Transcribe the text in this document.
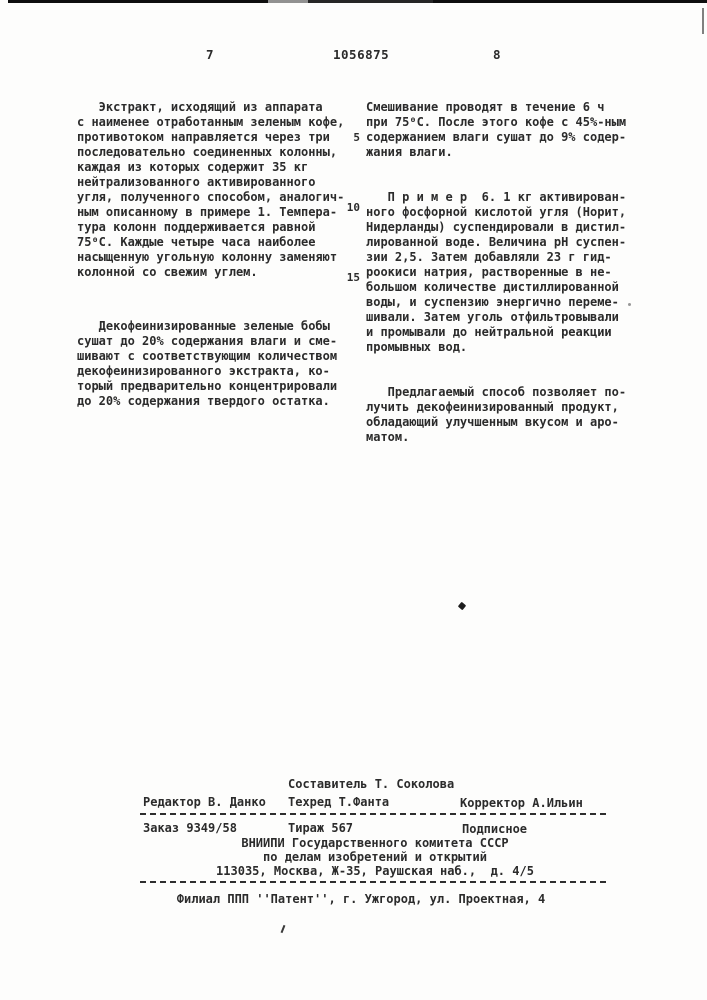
7	1056875	8

Экстракт, исходящий из аппарата
с наименее отработанным зеленым кофе,
противотоком направляется через три
последовательно соединенных колонны,
каждая из которых содержит 35 кг
нейтрализованного активированного
угля, полученного способом, аналогич-
ным описанному в примере 1. Темпера-
тура колонн поддерживается равной
75⁰С. Каждые четыре часа наиболее
насыщенную угольную колонну заменяют
колонной со свежим углем.

Декофеинизированные зеленые бобы
сушат до 20% содержания влаги и сме-
шивают с соответствующим количеством
декофеинизированного экстракта, ко-
торый предварительно концентрировали
до 20% содержания твердого остатка.

Смешивание проводят в течение 6 ч
при 75⁰С. После этого кофе с 45%-ным
содержанием влаги сушат до 9% содер-
жания влаги.

П р и м е р  6. 1 кг активирован-
ного фосфорной кислотой угля (Норит,
Нидерланды) суспендировали в дистил-
лированной воде. Величина pH суспен-
зии 2,5. Затем добавляли 23 г гид-
роокиси натрия, растворенные в не-
большом количестве дистиллированной
воды, и суспензию энергично переме-
шивали. Затем уголь отфильтровывали
и промывали до нейтральной реакции
промывных вод.

Предлагаемый способ позволяет по-
лучить декофеинизированный продукт,
обладающий улучшенным вкусом и аро-
матом.

5
10
15

Составитель Т. Соколова

Редактор В. Данко

Техред Т.Фанта

	Корректор А.Ильин

Заказ 9349/58

	Тираж 567

	Подписное

ВНИИПИ Государственного комитета СССР

по делам изобретений и открытий

113035, Москва, Ж-35, Раушская наб.,  д. 4/5

Филиал ППП ''Патент'', г. Ужгород, ул. Проектная, 4
